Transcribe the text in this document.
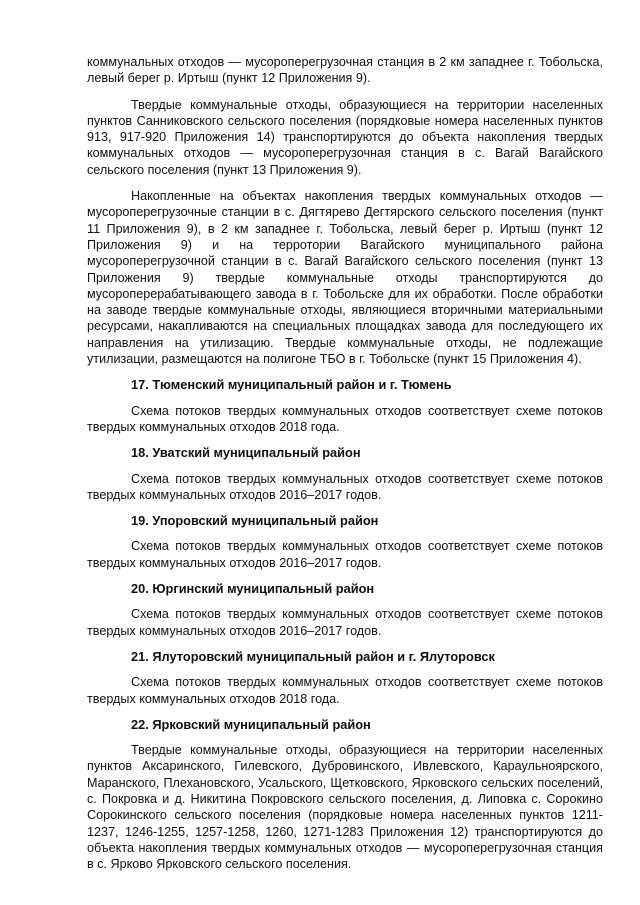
коммунальных отходов — мусороперегрузочная станция в 2 км западнее г. Тобольска, левый берег р. Иртыш (пункт 12 Приложения 9).

Твердые коммунальные отходы, образующиеся на территории населенных пунктов Санниковского сельского поселения (порядковые номера населенных пунктов 913, 917-920 Приложения 14) транспортируются до объекта накопления твердых коммунальных отходов — мусороперегрузочная станция в с. Вагай Вагайского сельского поселения (пункт 13 Приложения 9).

Накопленные на объектах накопления твердых коммунальных отходов — мусороперегрузочные станции в с. Дягтярево Дегтярского сельского поселения (пункт 11 Приложения 9), в 2 км западнее г. Тобольска, левый берег р. Иртыш (пункт 12 Приложения 9) и на терротории Вагайского муниципального района мусороперегрузочной станции в с. Вагай Вагайского сельского поселения (пункт 13 Приложения 9) твердые коммунальные отходы транспортируются до мусороперерабатывающего завода в г. Тобольске для их обработки. После обработки на заводе твердые коммунальные отходы, являющиеся вторичными материальными ресурсами, накапливаются на специальных площадках завода для последующего их направления на утилизацию. Твердые коммунальные отходы, не подлежащие утилизации, размещаются на полигоне ТБО в г. Тобольске (пункт 15 Приложения 4).

17. Тюменский муниципальный район и г. Тюмень

Схема потоков твердых коммунальных отходов соответствует схеме потоков твердых коммунальных отходов 2018 года.

18. Уватский муниципальный район

Схема потоков твердых коммунальных отходов соответствует схеме потоков твердых коммунальных отходов 2016–2017 годов.

19. Упоровский муниципальный район

Схема потоков твердых коммунальных отходов соответствует схеме потоков твердых коммунальных отходов 2016–2017 годов.

20. Юргинский муниципальный район

Схема потоков твердых коммунальных отходов соответствует схеме потоков твердых коммунальных отходов 2016–2017 годов.

21. Ялуторовский муниципальный район и г. Ялуторовск

Схема потоков твердых коммунальных отходов соответствует схеме потоков твердых коммунальных отходов 2018 года.

22. Ярковский муниципальный район

Твердые коммунальные отходы, образующиеся на территории населенных пунктов Аксаринского, Гилевского, Дубровинского, Ивлевского, Караульноярского, Маранского, Плехановского, Усальского, Щетковского, Ярковского сельских поселений, с. Покровка и д. Никитина Покровского сельского поселения, д. Липовка с. Сорокино Сорокинского сельского поселения (порядковые номера населенных пунктов 1211-1237, 1246-1255, 1257-1258, 1260, 1271-1283 Приложения 12) транспортируются до объекта накопления твердых коммунальных отходов — мусороперегрузочная станция в с. Ярково Ярковского сельского поселения.
